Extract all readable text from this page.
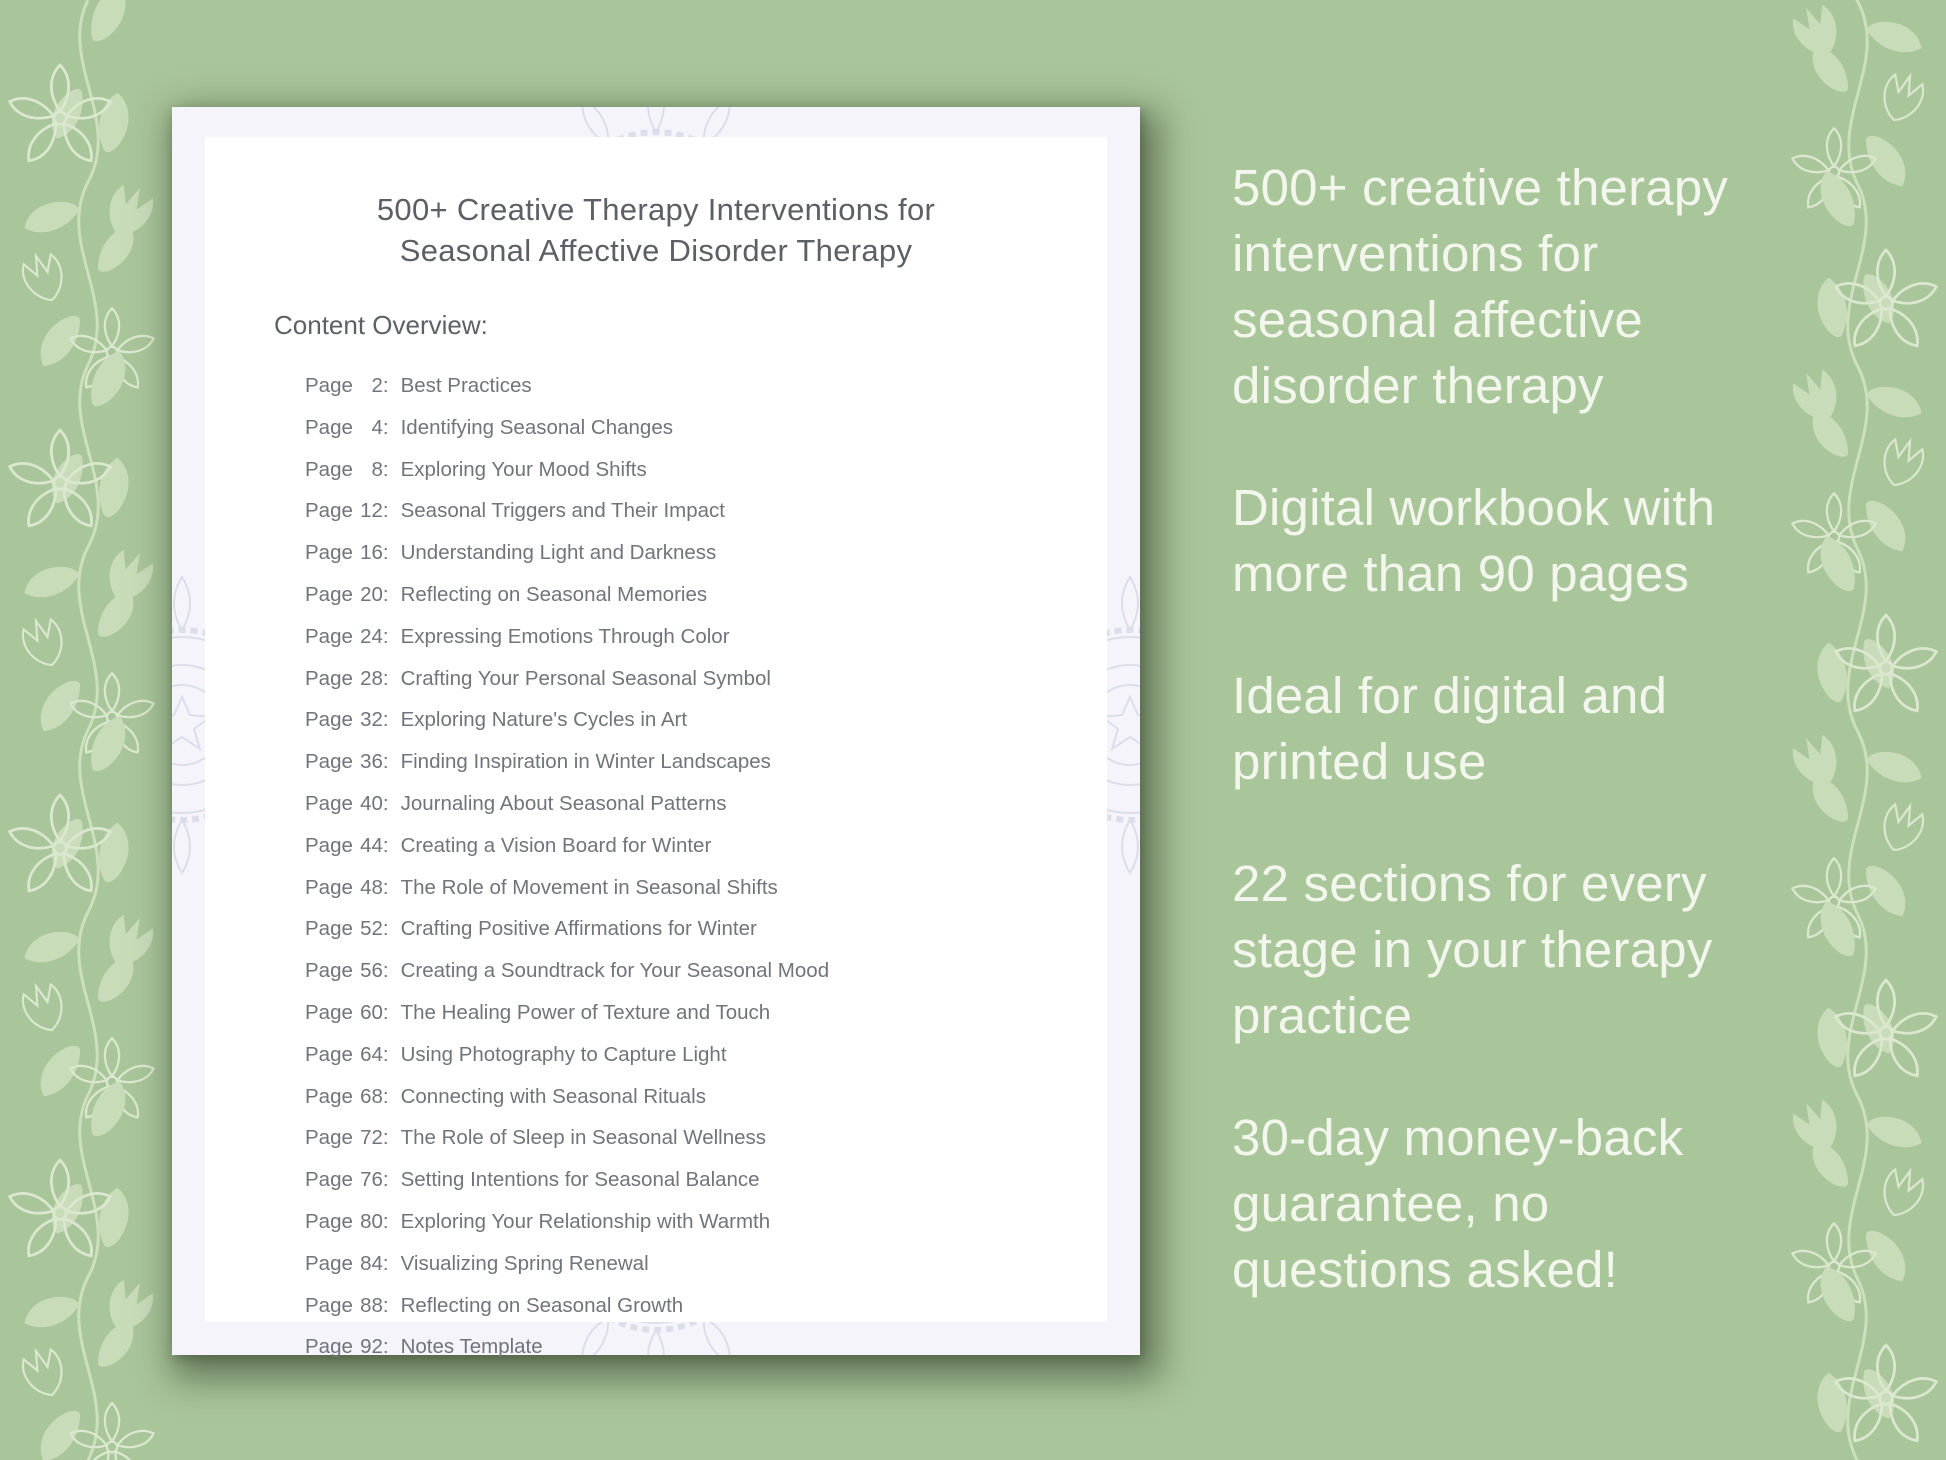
500+ Creative Therapy Interventions for
Seasonal Affective Disorder Therapy
Content Overview:
Page 2: Best Practices
Page 4: Identifying Seasonal Changes
Page 8: Exploring Your Mood Shifts
Page 12: Seasonal Triggers and Their Impact
Page 16: Understanding Light and Darkness
Page 20: Reflecting on Seasonal Memories
Page 24: Expressing Emotions Through Color
Page 28: Crafting Your Personal Seasonal Symbol
Page 32: Exploring Nature's Cycles in Art
Page 36: Finding Inspiration in Winter Landscapes
Page 40: Journaling About Seasonal Patterns
Page 44: Creating a Vision Board for Winter
Page 48: The Role of Movement in Seasonal Shifts
Page 52: Crafting Positive Affirmations for Winter
Page 56: Creating a Soundtrack for Your Seasonal Mood
Page 60: The Healing Power of Texture and Touch
Page 64: Using Photography to Capture Light
Page 68: Connecting with Seasonal Rituals
Page 72: The Role of Sleep in Seasonal Wellness
Page 76: Setting Intentions for Seasonal Balance
Page 80: Exploring Your Relationship with Warmth
Page 84: Visualizing Spring Renewal
Page 88: Reflecting on Seasonal Growth
Page 92: Notes Template
500+ creative therapy
interventions for
seasonal affective
disorder therapy
Digital workbook with
more than 90 pages
Ideal for digital and
printed use
22 sections for every
stage in your therapy
practice
30-day money-back
guarantee, no
questions asked!
